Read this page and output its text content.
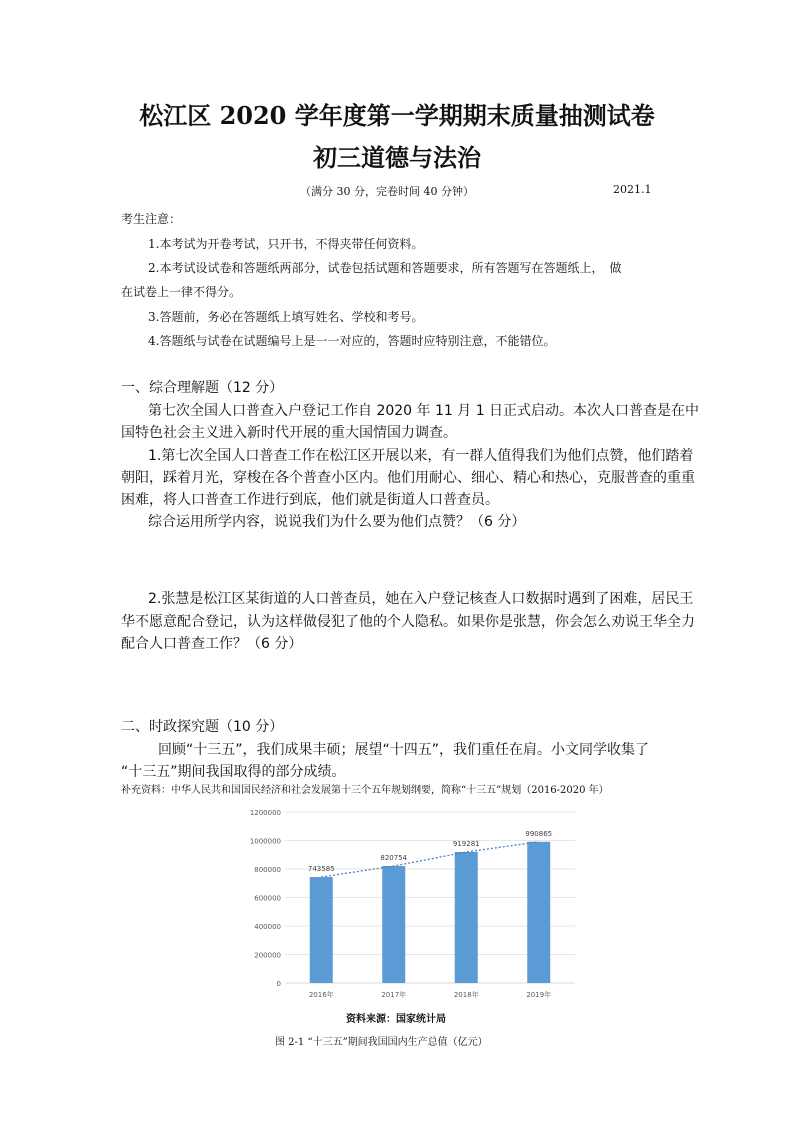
松江区 2020 学年度第一学期期末质量抽测试卷
初三道德与法治
（满分 30 分，完卷时间 40 分钟）	2021.1
考生注意：
1.本考试为开卷考试，只开书，不得夹带任何资料。
2.本考试设试卷和答题纸两部分，试卷包括试题和答题要求，所有答题写在答题纸上，　做
在试卷上一律不得分。
3.答题前，务必在答题纸上填写姓名、学校和考号。
4.答题纸与试卷在试题编号上是一一对应的，答题时应特别注意，不能错位。
一、综合理解题（12 分）
第七次全国人口普查入户登记工作自 2020 年 11 月 1 日正式启动。本次人口普查是在中
国特色社会主义进入新时代开展的重大国情国力调查。
1.第七次全国人口普查工作在松江区开展以来，有一群人值得我们为他们点赞，他们踏着
朝阳，踩着月光，穿梭在各个普查小区内。他们用耐心、细心、精心和热心，克服普查的重重
困难，将人口普查工作进行到底，他们就是街道人口普查员。
综合运用所学内容，说说我们为什么要为他们点赞？（6 分）
2.张慧是松江区某街道的人口普查员，她在入户登记核查人口数据时遇到了困难，居民王
华不愿意配合登记，认为这样做侵犯了他的个人隐私。如果你是张慧，你会怎么劝说王华全力
配合人口普查工作？（6 分）
二、时政探究题（10 分）
回顾“十三五”，我们成果丰硕；展望“十四五”，我们重任在肩。小文同学收集了
“十三五”期间我国取得的部分成绩。
补充资料：中华人民共和国国民经济和社会发展第十三个五年规划纲要，简称“十三五”规划（2016-2020 年）
0
200000
400000
600000
800000
1000000
1200000
743585
820754
919281
990865
2016年	2017年	2018年	2019年
资料来源：国家统计局
图 2-1 “十三五”期间我国国内生产总值（亿元）
